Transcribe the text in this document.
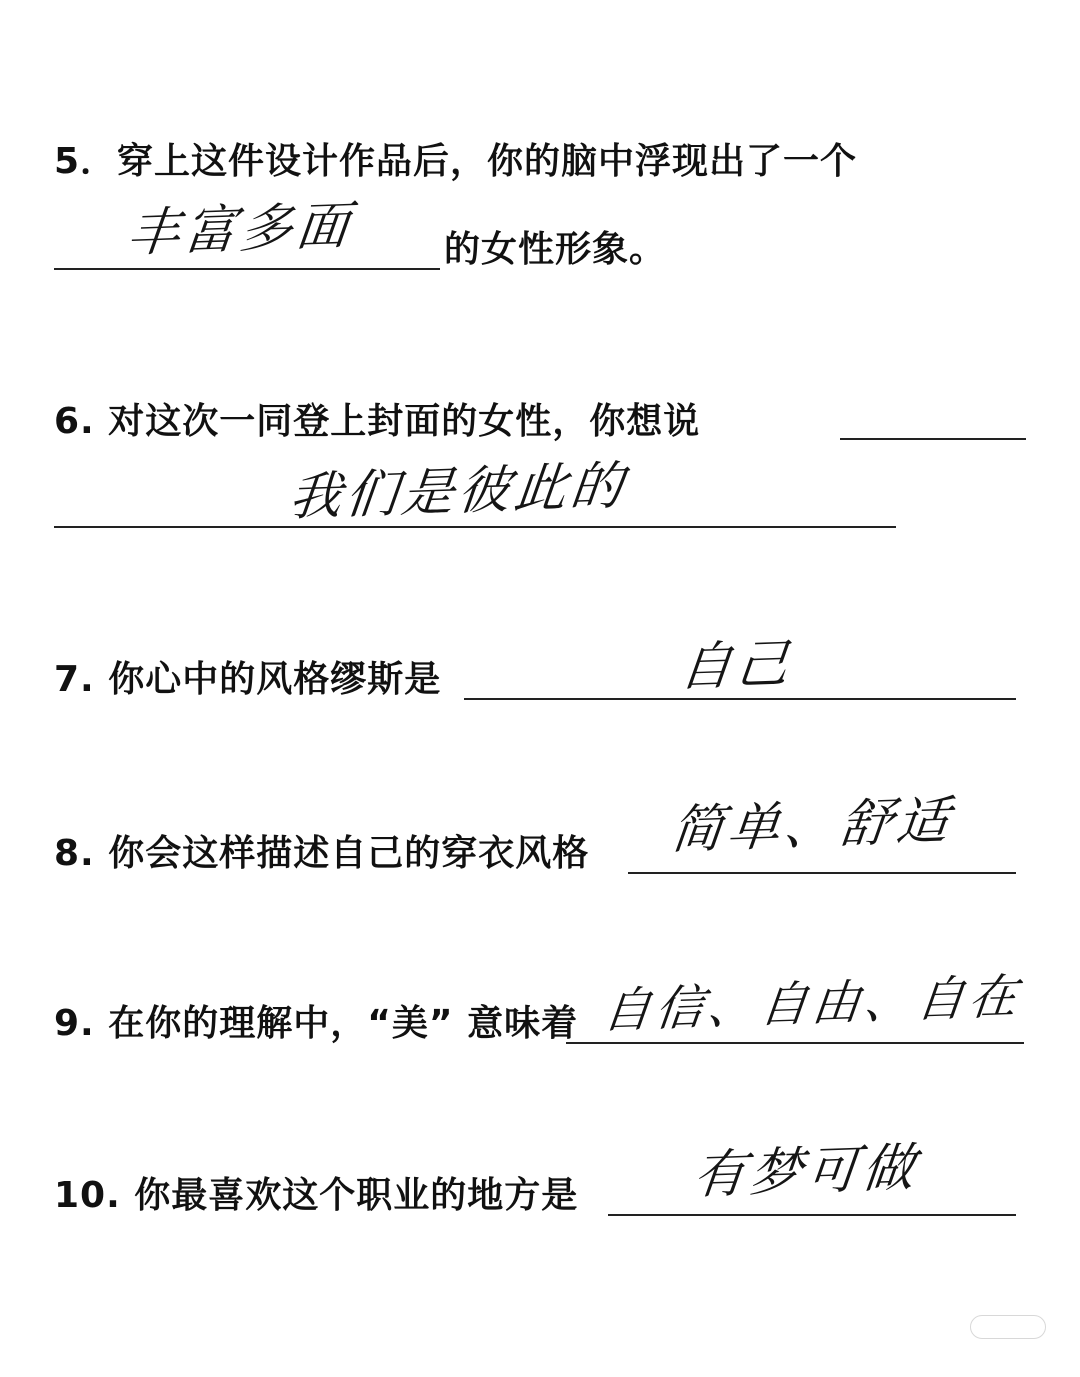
5．穿上这件设计作品后，你的脑中浮现出了一个
丰富多面 的女性形象。
6. 对这次一同登上封面的女性，你想说
我们是彼此的
7. 你心中的风格缪斯是	自己
8. 你会这样描述自己的穿衣风格 简单、舒适
9. 在你的理解中，“美” 意味着 自信、自由、自在
10. 你最喜欢这个职业的地方是 有梦可做
